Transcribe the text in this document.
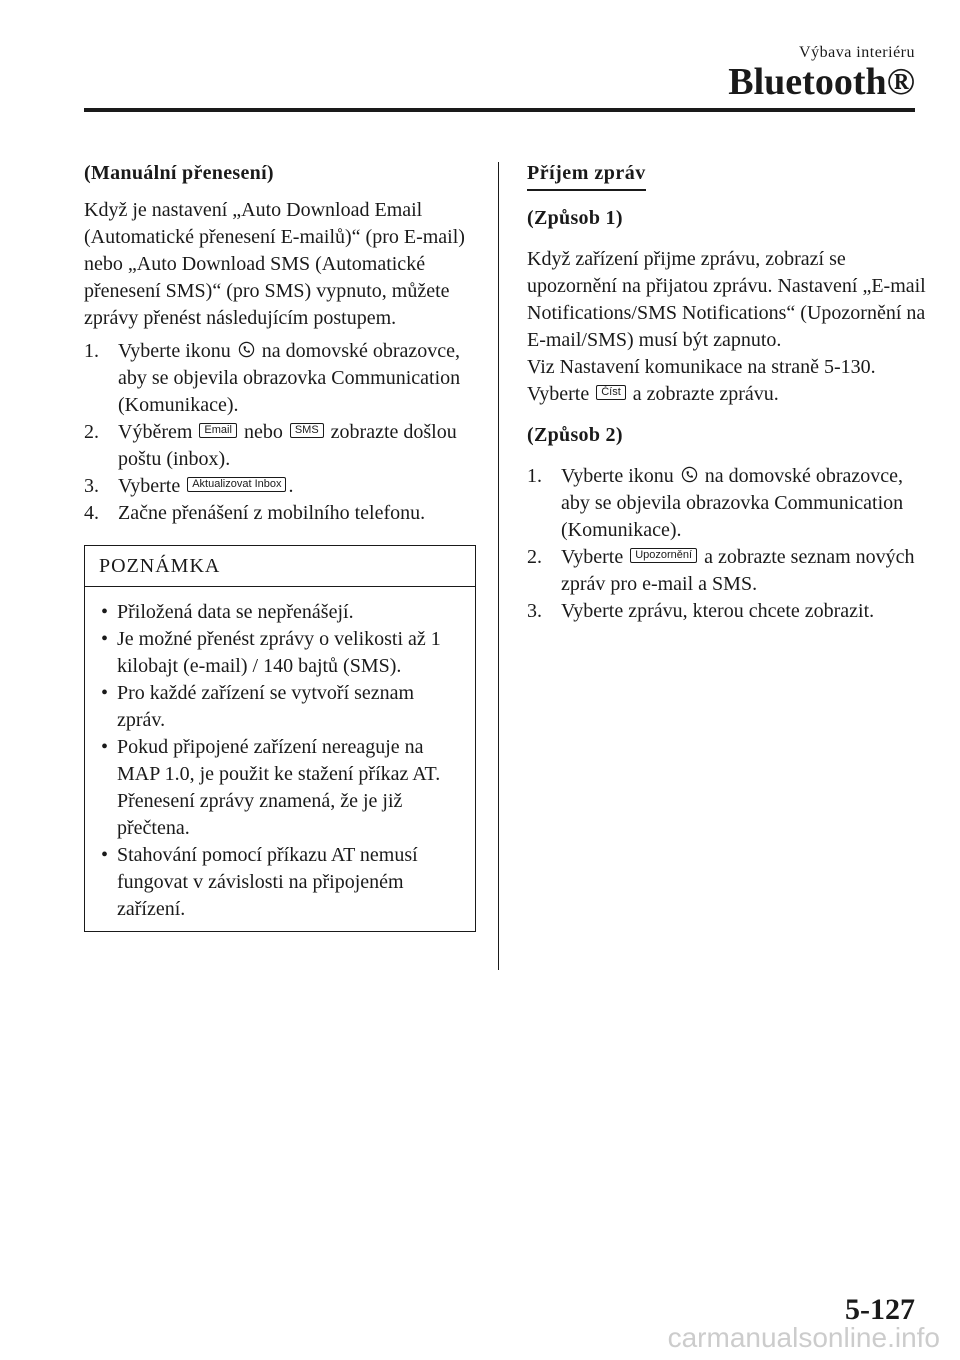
Výbava interiéru
Bluetooth®

(Manuální přenesení)

Když je nastavení „Auto Download Email (Automatické přenesení E-mailů)“ (pro E-mail) nebo „Auto Download SMS (Automatické přenesení SMS)“ (pro SMS) vypnuto, můžete zprávy přenést následujícím postupem.

1. Vyberte ikonu na domovské obrazovce, aby se objevila obrazovka Communication (Komunikace).
2. Výběrem Email nebo SMS zobrazte došlou poštu (inbox).
3. Vyberte Aktualizovat Inbox .
4. Začne přenášení z mobilního telefonu.
POZNÁMKA
• Přiložená data se nepřenášejí.
• Je možné přenést zprávy o velikosti až 1 kilobajt (e-mail) / 140 bajtů (SMS).
• Pro každé zařízení se vytvoří seznam zpráv.
• Pokud připojené zařízení nereaguje na MAP 1.0, je použit ke stažení příkaz AT. Přenesení zprávy znamená, že je již přečtena.
• Stahování pomocí příkazu AT nemusí fungovat v závislosti na připojeném zařízení.
Příjem zpráv

(Způsob 1)

Když zařízení přijme zprávu, zobrazí se upozornění na přijatou zprávu. Nastavení „E-mail Notifications/SMS Notifications“ (Upozornění na E-mail/SMS) musí být zapnuto.

Viz Nastavení komunikace na straně 5-130.

Vyberte Číst a zobrazte zprávu.

(Způsob 2)

1. Vyberte ikonu na domovské obrazovce, aby se objevila obrazovka Communication (Komunikace).
2. Vyberte Upozornění a zobrazte seznam nových zpráv pro e-mail a SMS.
3. Vyberte zprávu, kterou chcete zobrazit.
5-127
carmanualsonline.info
